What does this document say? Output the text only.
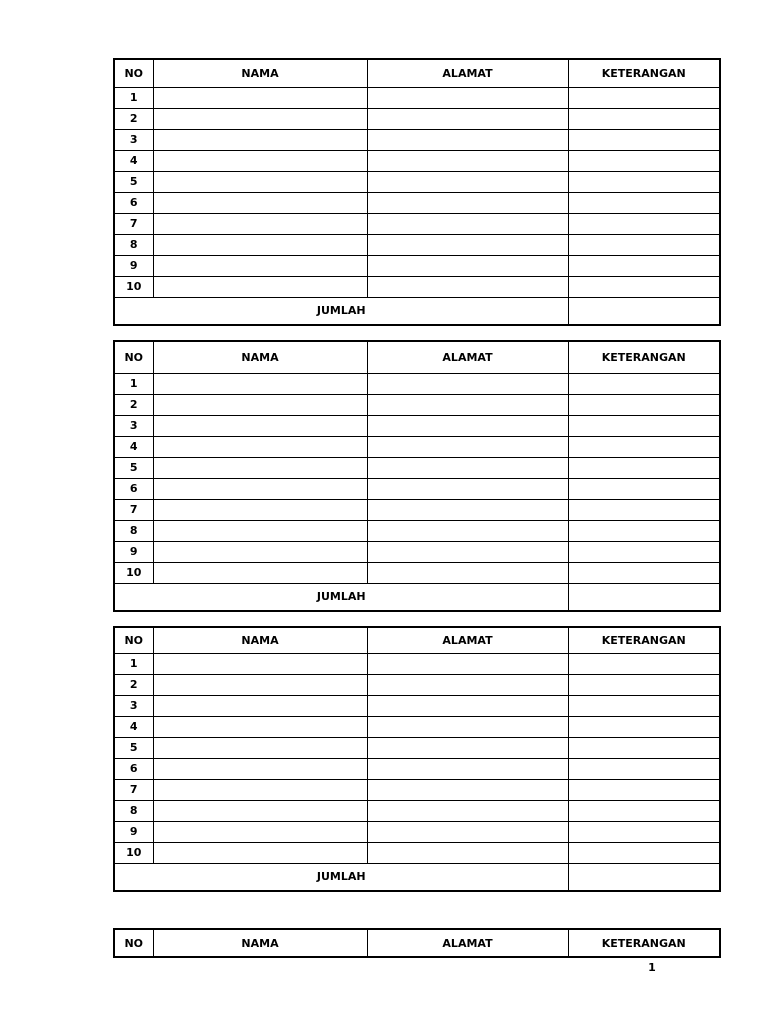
NO	NAMA	ALAMAT	KETERANGAN
1			
2			
3			
4			
5			
6			
7			
8			
9			
10			
JUMLAH			
NO	NAMA	ALAMAT	KETERANGAN
1			
2			
3			
4			
5			
6			
7			
8			
9			
10			
JUMLAH			
NO	NAMA	ALAMAT	KETERANGAN
1			
2			
3			
4			
5			
6			
7			
8			
9			
10			
JUMLAH			
NO	NAMA	ALAMAT	KETERANGAN
1
